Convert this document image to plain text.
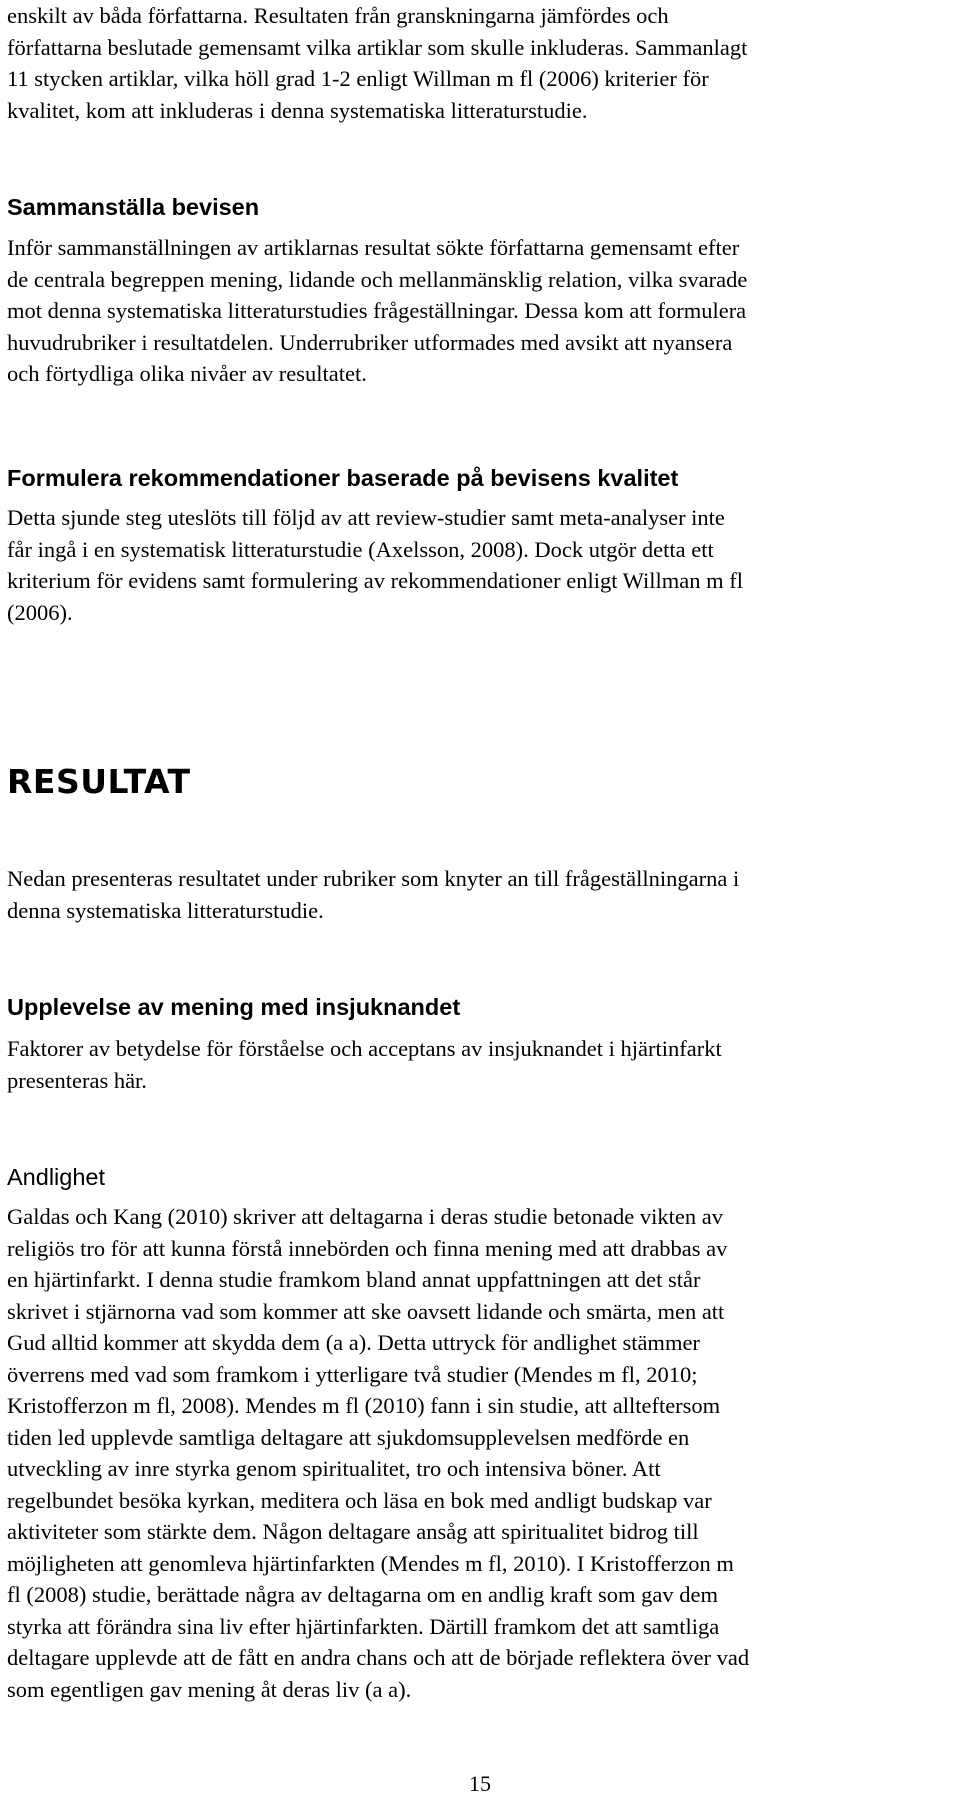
enskilt av båda författarna. Resultaten från granskningarna jämfördes och
författarna beslutade gemensamt vilka artiklar som skulle inkluderas. Sammanlagt
11 stycken artiklar, vilka höll grad 1-2 enligt Willman m fl (2006) kriterier för
kvalitet, kom att inkluderas i denna systematiska litteraturstudie.
Sammanställa bevisen
Inför sammanställningen av artiklarnas resultat sökte författarna gemensamt efter
de centrala begreppen mening, lidande och mellanmänsklig relation, vilka svarade
mot denna systematiska litteraturstudies frågeställningar. Dessa kom att formulera
huvudrubriker i resultatdelen. Underrubriker utformades med avsikt att nyansera
och förtydliga olika nivåer av resultatet.
Formulera rekommendationer baserade på bevisens kvalitet
Detta sjunde steg uteslöts till följd av att review-studier samt meta-analyser inte
får ingå i en systematisk litteraturstudie (Axelsson, 2008). Dock utgör detta ett
kriterium för evidens samt formulering av rekommendationer enligt Willman m fl
(2006).
RESULTAT
Nedan presenteras resultatet under rubriker som knyter an till frågeställningarna i
denna systematiska litteraturstudie.
Upplevelse av mening med insjuknandet
Faktorer av betydelse för förståelse och acceptans av insjuknandet i hjärtinfarkt
presenteras här.
Andlighet
Galdas och Kang (2010) skriver att deltagarna i deras studie betonade vikten av
religiös tro för att kunna förstå innebörden och finna mening med att drabbas av
en hjärtinfarkt. I denna studie framkom bland annat uppfattningen att det står
skrivet i stjärnorna vad som kommer att ske oavsett lidande och smärta, men att
Gud alltid kommer att skydda dem (a a). Detta uttryck för andlighet stämmer
överrens med vad som framkom i ytterligare två studier (Mendes m fl, 2010;
Kristofferzon m fl, 2008). Mendes m fl (2010) fann i sin studie, att allteftersom
tiden led upplevde samtliga deltagare att sjukdomsupplevelsen medförde en
utveckling av inre styrka genom spiritualitet, tro och intensiva böner. Att
regelbundet besöka kyrkan, meditera och läsa en bok med andligt budskap var
aktiviteter som stärkte dem. Någon deltagare ansåg att spiritualitet bidrog till
möjligheten att genomleva hjärtinfarkten (Mendes m fl, 2010). I Kristofferzon m
fl (2008) studie, berättade några av deltagarna om en andlig kraft som gav dem
styrka att förändra sina liv efter hjärtinfarkten. Därtill framkom det att samtliga
deltagare upplevde att de fått en andra chans och att de började reflektera över vad
som egentligen gav mening åt deras liv (a a).
15
